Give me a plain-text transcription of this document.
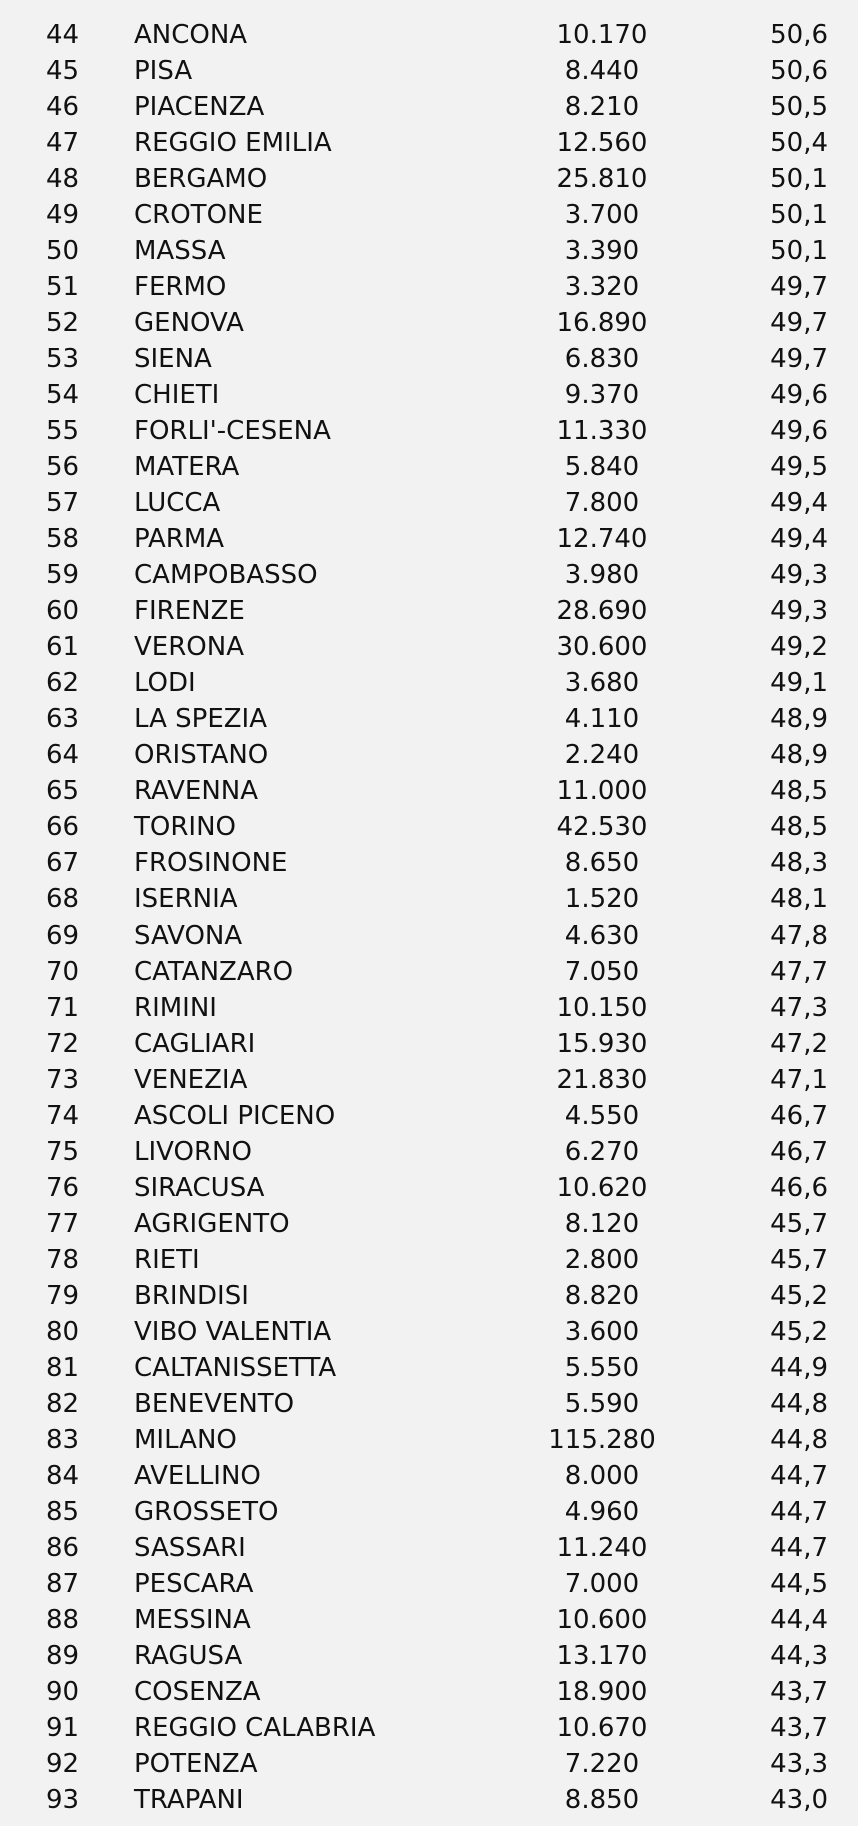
44 ANCONA	10.170	50,6
45 PISA	8.440	50,6
46 PIACENZA	8.210	50,5
47 REGGIO EMILIA	12.560	50,4
48 BERGAMO	25.810	50,1
49 CROTONE	3.700	50,1
50 MASSA	3.390	50,1
51 FERMO	3.320	49,7
52 GENOVA	16.890	49,7
53 SIENA	6.830	49,7
54 CHIETI	9.370	49,6
55 FORLI'-CESENA	11.330	49,6
56 MATERA	5.840	49,5
57 LUCCA	7.800	49,4
58 PARMA	12.740	49,4
59 CAMPOBASSO	3.980	49,3
60 FIRENZE	28.690	49,3
61 VERONA	30.600	49,2
62 LODI	3.680	49,1
63 LA SPEZIA	4.110	48,9
64 ORISTANO	2.240	48,9
65 RAVENNA	11.000	48,5
66 TORINO	42.530	48,5
67 FROSINONE	8.650	48,3
68 ISERNIA	1.520	48,1
69 SAVONA	4.630	47,8
70 CATANZARO	7.050	47,7
71 RIMINI	10.150	47,3
72 CAGLIARI	15.930	47,2
73 VENEZIA	21.830	47,1
74 ASCOLI PICENO	4.550	46,7
75 LIVORNO	6.270	46,7
76 SIRACUSA	10.620	46,6
77 AGRIGENTO	8.120	45,7
78 RIETI	2.800	45,7
79 BRINDISI	8.820	45,2
80 VIBO VALENTIA	3.600	45,2
81 CALTANISSETTA	5.550	44,9
82 BENEVENTO	5.590	44,8
83 MILANO	115.280	44,8
84 AVELLINO	8.000	44,7
85 GROSSETO	4.960	44,7
86 SASSARI	11.240	44,7
87 PESCARA	7.000	44,5
88 MESSINA	10.600	44,4
89 RAGUSA	13.170	44,3
90 COSENZA	18.900	43,7
91 REGGIO CALABRIA	10.670	43,7
92 POTENZA	7.220	43,3
93 TRAPANI	8.850	43,0
